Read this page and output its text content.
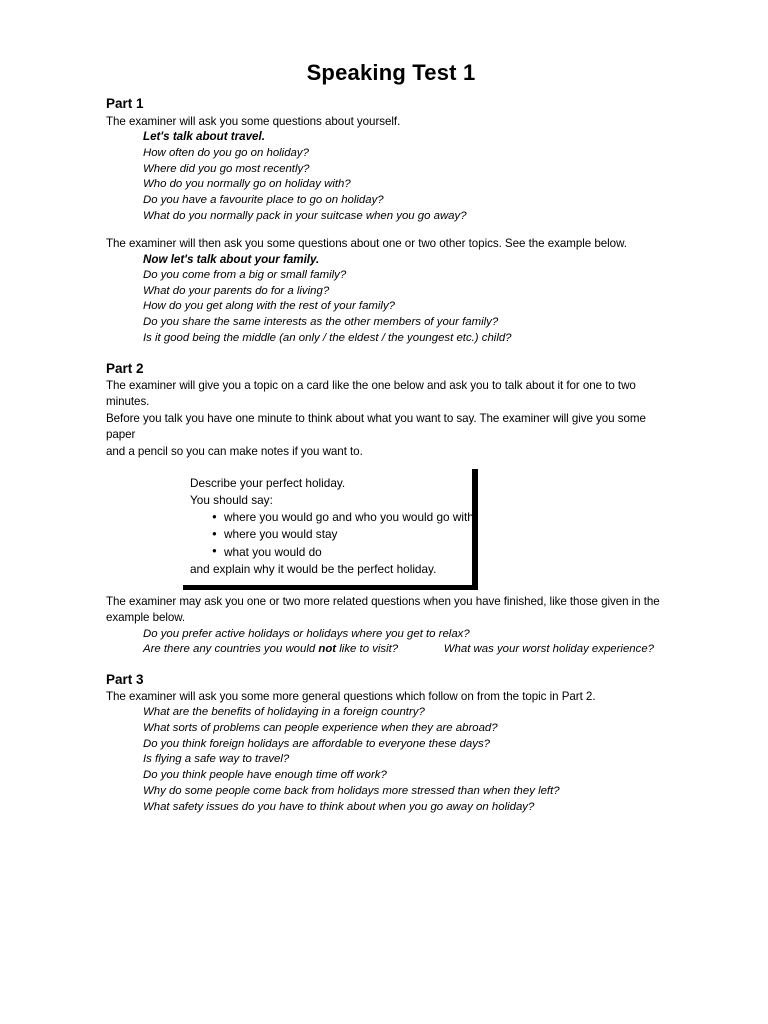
Speaking Test 1
Part 1
The examiner will ask you some questions about yourself.
Let's talk about travel.
How often do you go on holiday?
Where did you go most recently?
Who do you normally go on holiday with?
Do you have a favourite place to go on holiday?
What do you normally pack in your suitcase when you go away?
The examiner will then ask you some questions about one or two other topics. See the example below.
Now let's talk about your family.
Do you come from a big or small family?
What do your parents do for a living?
How do you get along with the rest of your family?
Do you share the same interests as the other members of your family?
Is it good being the middle (an only / the eldest / the youngest etc.) child?
Part 2
The examiner will give you a topic on a card like the one below and ask you to talk about it for one to two minutes.
Before you talk you have one minute to think about what you want to say. The examiner will give you some paper
and a pencil so you can make notes if you want to.
Describe your perfect holiday.
You should say:
● where you would go and who you would go with
● where you would stay
● what you would do
and explain why it would be the perfect holiday.
The examiner may ask you one or two more related questions when you have finished, like those given in the
example below.
Do you prefer active holidays or holidays where you get to relax?
Are there any countries you would not like to visit?	What was your worst holiday experience?
Part 3
The examiner will ask you some more general questions which follow on from the topic in Part 2.
What are the benefits of holidaying in a foreign country?
What sorts of problems can people experience when they are abroad?
Do you think foreign holidays are affordable to everyone these days?
Is flying a safe way to travel?
Do you think people have enough time off work?
Why do some people come back from holidays more stressed than when they left?
What safety issues do you have to think about when you go away on holiday?
